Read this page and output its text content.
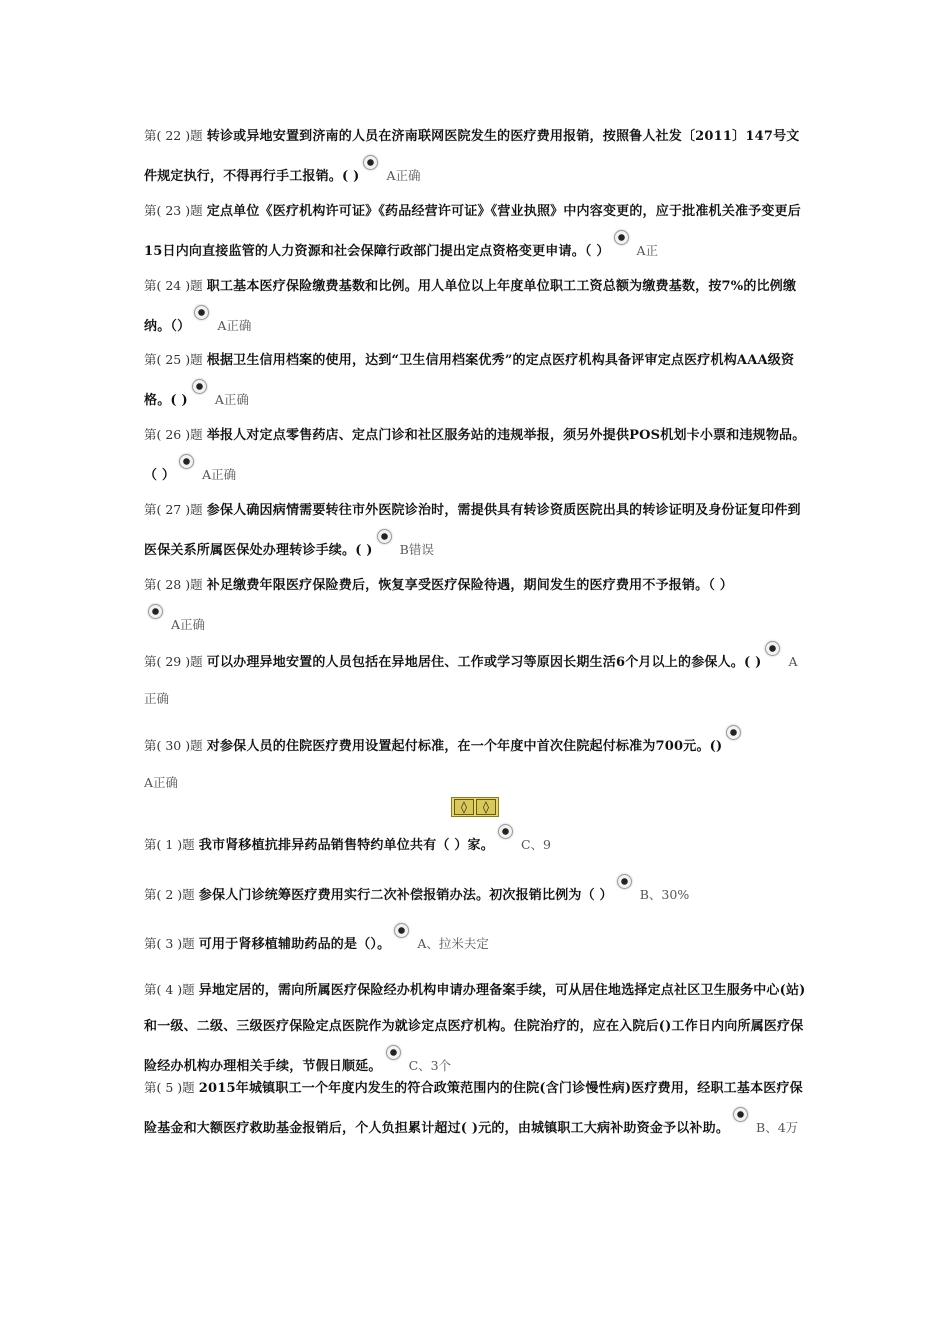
第( 22 )题 转诊或异地安置到济南的人员在济南联网医院发生的医疗费用报销，按照鲁人社发〔2011〕147号文件规定执行，不得再行手工报销。( ) A正确
第( 23 )题 定点单位《医疗机构许可证》《药品经营许可证》《营业执照》中内容变更的，应于批准机关准予变更后15日内向直接监管的人力资源和社会保障行政部门提出定点资格变更申请。（ ） A正
第( 24 )题 职工基本医疗保险缴费基数和比例。用人单位以上年度单位职工工资总额为缴费基数，按7%的比例缴纳。（） A正确
第( 25 )题 根据卫生信用档案的使用，达到“卫生信用档案优秀”的定点医疗机构具备评审定点医疗机构AAA级资格。( ) A正确
第( 26 )题 举报人对定点零售药店、定点门诊和社区服务站的违规举报，须另外提供POS机划卡小票和违规物品。（ ） A正确
第( 27 )题 参保人确因病情需要转往市外医院诊治时，需提供具有转诊资质医院出具的转诊证明及身份证复印件到医保关系所属医保处办理转诊手续。( ) B错误
第( 28 )题 补足缴费年限医疗保险费后，恢复享受医疗保险待遇，期间发生的医疗费用不予报销。（ ）
A正确
第( 29 )题 可以办理异地安置的人员包括在异地居住、工作或学习等原因长期生活6个月以上的参保人。( ) A正确
第( 30 )题 对参保人员的住院医疗费用设置起付标准，在一个年度中首次住院起付标准为700元。()
A正确
◊	◊
第( 1 )题 我市肾移植抗排异药品销售特约单位共有（ ）家。 C、9
第( 2 )题 参保人门诊统筹医疗费用实行二次补偿报销办法。初次报销比例为（ ） B、30%
第( 3 )题 可用于肾移植辅助药品的是（）。 A、拉米夫定
第( 4 )题 异地定居的，需向所属医疗保险经办机构申请办理备案手续，可从居住地选择定点社区卫生服务中心(站)和一级、二级、三级医疗保险定点医院作为就诊定点医疗机构。住院治疗的，应在入院后()工作日内向所属医疗保险经办机构办理相关手续，节假日顺延。 C、3个
第( 5 )题 2015年城镇职工一个年度内发生的符合政策范围内的住院(含门诊慢性病)医疗费用，经职工基本医疗保险基金和大额医疗救助基金报销后，个人负担累计超过( )元的，由城镇职工大病补助资金予以补助。 B、4万
